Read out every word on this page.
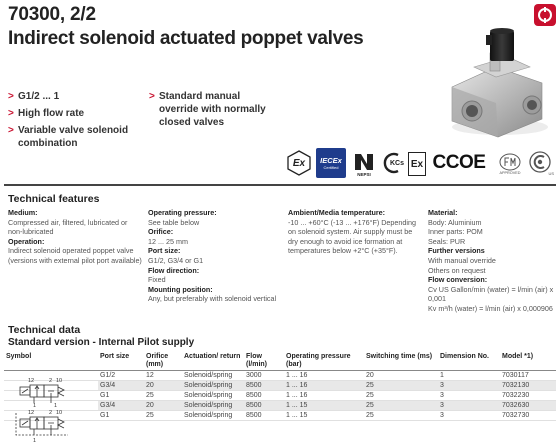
70300, 2/2
Indirect solenoid actuated poppet valves
> G1/2 ... 1
> High flow rate
> Variable valve solenoid combination
> Standard manual override with normally closed valves
Ex IECEx
Certified
NEPSI
KCs Ex CCOE	APPROVED	US
Technical features
Medium:
Compressed air, filtered, lubricated or non-lubricated
Operation:
Indirect solenoid operated poppet valve
(versions with external pilot port available)
Operating pressure:
See table below
Orifice:
12 ... 25 mm
Port size:
G1/2, G3/4 or G1
Flow direction:
Fixed
Mounting position:
Any, but preferably with solenoid vertical
Ambient/Media temperature:
-10 ... +60°C (-13 ... +176°F) Depending on solenoid system. Air supply must be dry enough to avoid ice formation at temperatures below +2°C (+35°F).
Material:
Body: Aluminium
Inner parts: POM
Seals: PUR
Further versions
With manual override
Others on request
Flow conversion:
Cv US Gallon/min (water) = l/min (air) x 0,001
Kv m³/h (water) = l/min (air) x 0,000906
Technical data
Standard version - Internal Pilot supply
Symbol	Port size	Orifice (mm)	Actuation/ return	Flow (l/min)	Operating pressure (bar)	Switching time (ms)	Dimension No.	Model *1)
	G1/2	12	Solenoid/spring	3000	1 ... 16	20	1	7030117
	G3/4	20	Solenoid/spring	8500	1 ... 16	25	3	7032130
	G1	25	Solenoid/spring	8500	1 ... 16	25	3	7032230
	G3/4	20	Solenoid/spring	8500	1 ... 15	25	3	7032630
	G1	25	Solenoid/spring	8500	1 ... 15	25	3	7032730
12	2 10
1	1
12	2 10
1
